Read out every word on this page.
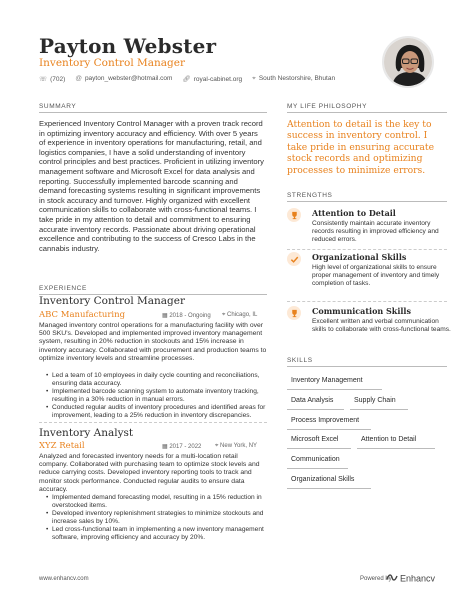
Payton Webster
Inventory Control Manager
☏ (702) @ payton_webster@hotmail.com 🔗︎ royal-cabinet.org ⌖ South Nestorshire, Bhutan
SUMMARY
Experienced Inventory Control Manager with a proven track record in optimizing inventory accuracy and efficiency. With over 5 years of experience in inventory operations for manufacturing, retail, and logistics companies, I have a solid understanding of inventory control principles and best practices. Proficient in utilizing inventory management software and Microsoft Excel for data analysis and reporting. Successfully implemented barcode scanning and demand forecasting systems resulting in significant improvements in stock accuracy and turnover. Highly organized with excellent communication skills to collaborate with cross-functional teams. I take pride in my attention to detail and commitment to ensuring accurate inventory records. Passionate about driving operational excellence and contributing to the success of Cresco Labs in the cannabis industry.
MY LIFE PHILOSOPHY
Attention to detail is the key to success in inventory control. I take pride in ensuring accurate stock records and optimizing processes to minimize errors.
EXPERIENCE
Inventory Control Manager
ABC Manufacturing	▦ 2018 - Ongoing ⌖ Chicago, IL
Managed inventory control operations for a manufacturing facility with over 500 SKU's. Developed and implemented improved inventory management system, resulting in 20% reduction in stockouts and 15% increase in inventory accuracy. Collaborated with procurement and production teams to optimize inventory levels and streamline processes.
• Led a team of 10 employees in daily cycle counting and reconciliations, ensuring data accuracy.
• Implemented barcode scanning system to automate inventory tracking, resulting in a 30% reduction in manual errors.
• Conducted regular audits of inventory procedures and identified areas for improvement, leading to a 25% reduction in inventory discrepancies.
Inventory Analyst
XYZ Retail	▦ 2017 - 2022 ⌖ New York, NY
Analyzed and forecasted inventory needs for a multi-location retail company. Collaborated with purchasing team to optimize stock levels and reduce carrying costs. Developed inventory reporting tools to track and monitor stock performance. Conducted regular audits to ensure data accuracy.
• Implemented demand forecasting model, resulting in a 15% reduction in overstocked items.
• Developed inventory replenishment strategies to minimize stockouts and increase sales by 10%.
• Led cross-functional team in implementing a new inventory management software, improving efficiency and accuracy by 20%.
STRENGTHS
Attention to Detail
Consistently maintain accurate inventory records resulting in improved efficiency and reduced errors.
Organizational Skills
High level of organizational skills to ensure proper management of inventory and timely completion of tasks.
Communication Skills
Excellent written and verbal communication skills to collaborate with cross-functional teams.
SKILLS
Inventory Management
Data Analysis	Supply Chain
Process Improvement
Microsoft Excel	Attention to Detail
Communication
Organizational Skills
www.enhancv.com	Powered by Enhancv
